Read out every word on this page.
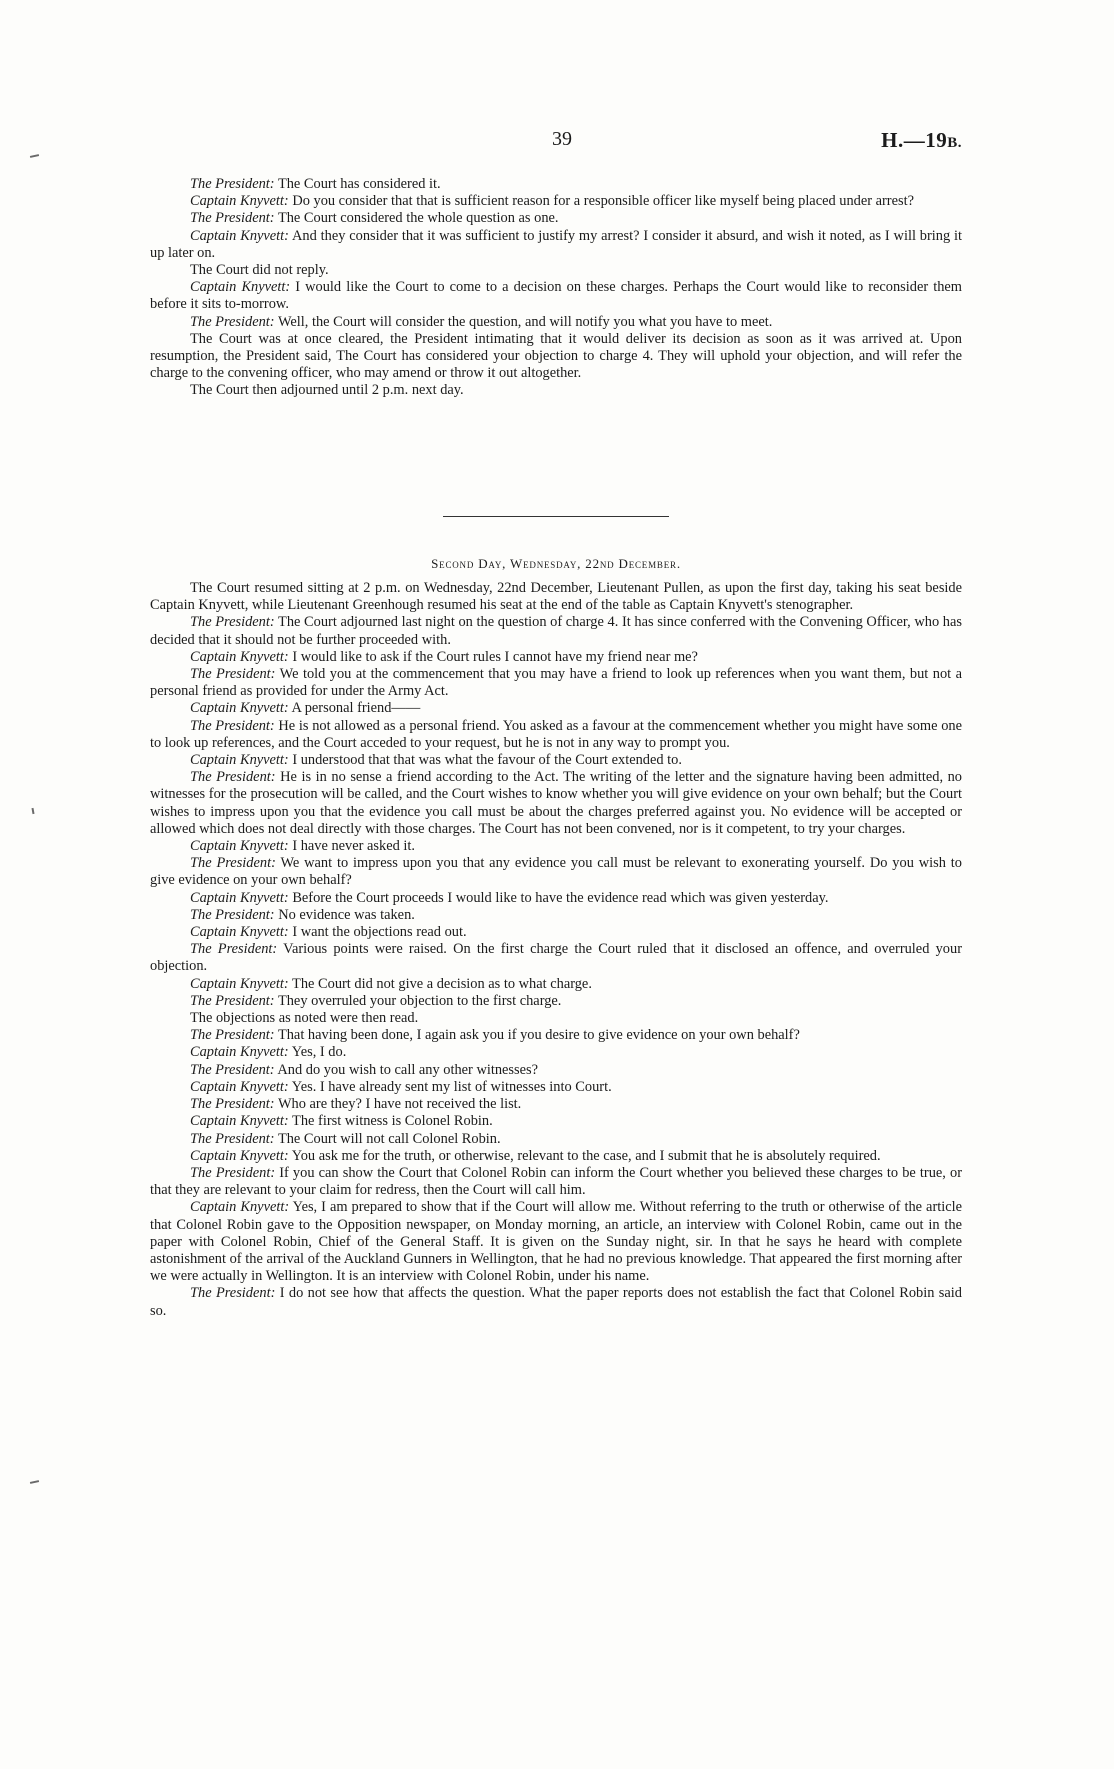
39	H.—19B.

The President: The Court has considered it.

Captain Knyvett: Do you consider that that is sufficient reason for a responsible officer like myself being placed under arrest?

The President: The Court considered the whole question as one.

Captain Knyvett: And they consider that it was sufficient to justify my arrest? I consider it absurd, and wish it noted, as I will bring it up later on.

The Court did not reply.

Captain Knyvett: I would like the Court to come to a decision on these charges. Perhaps the Court would like to reconsider them before it sits to-morrow.

The President: Well, the Court will consider the question, and will notify you what you have to meet.

The Court was at once cleared, the President intimating that it would deliver its decision as soon as it was arrived at. Upon resumption, the President said, The Court has considered your objection to charge 4. They will uphold your objection, and will refer the charge to the convening officer, who may amend or throw it out altogether.

The Court then adjourned until 2 p.m. next day.

Second Day, Wednesday, 22nd December.

The Court resumed sitting at 2 p.m. on Wednesday, 22nd December, Lieutenant Pullen, as upon the first day, taking his seat beside Captain Knyvett, while Lieutenant Greenhough resumed his seat at the end of the table as Captain Knyvett's stenographer.

The President: The Court adjourned last night on the question of charge 4. It has since conferred with the Convening Officer, who has decided that it should not be further proceeded with.

Captain Knyvett: I would like to ask if the Court rules I cannot have my friend near me?

The President: We told you at the commencement that you may have a friend to look up references when you want them, but not a personal friend as provided for under the Army Act.

Captain Knyvett: A personal friend——

The President: He is not allowed as a personal friend. You asked as a favour at the commencement whether you might have some one to look up references, and the Court acceded to your request, but he is not in any way to prompt you.

Captain Knyvett: I understood that that was what the favour of the Court extended to.

The President: He is in no sense a friend according to the Act. The writing of the letter and the signature having been admitted, no witnesses for the prosecution will be called, and the Court wishes to know whether you will give evidence on your own behalf; but the Court wishes to impress upon you that the evidence you call must be about the charges preferred against you. No evidence will be accepted or allowed which does not deal directly with those charges. The Court has not been convened, nor is it competent, to try your charges.

Captain Knyvett: I have never asked it.

The President: We want to impress upon you that any evidence you call must be relevant to exonerating yourself. Do you wish to give evidence on your own behalf?

Captain Knyvett: Before the Court proceeds I would like to have the evidence read which was given yesterday.

The President: No evidence was taken.

Captain Knyvett: I want the objections read out.

The President: Various points were raised. On the first charge the Court ruled that it disclosed an offence, and overruled your objection.

Captain Knyvett: The Court did not give a decision as to what charge.

The President: They overruled your objection to the first charge.

The objections as noted were then read.

The President: That having been done, I again ask you if you desire to give evidence on your own behalf?

Captain Knyvett: Yes, I do.

The President: And do you wish to call any other witnesses?

Captain Knyvett: Yes. I have already sent my list of witnesses into Court.

The President: Who are they? I have not received the list.

Captain Knyvett: The first witness is Colonel Robin.

The President: The Court will not call Colonel Robin.

Captain Knyvett: You ask me for the truth, or otherwise, relevant to the case, and I submit that he is absolutely required.

The President: If you can show the Court that Colonel Robin can inform the Court whether you believed these charges to be true, or that they are relevant to your claim for redress, then the Court will call him.

Captain Knyvett: Yes, I am prepared to show that if the Court will allow me. Without referring to the truth or otherwise of the article that Colonel Robin gave to the Opposition newspaper, on Monday morning, an article, an interview with Colonel Robin, came out in the paper with Colonel Robin, Chief of the General Staff. It is given on the Sunday night, sir. In that he says he heard with complete astonishment of the arrival of the Auckland Gunners in Wellington, that he had no previous knowledge. That appeared the first morning after we were actually in Wellington. It is an interview with Colonel Robin, under his name.

The President: I do not see how that affects the question. What the paper reports does not establish the fact that Colonel Robin said so.
